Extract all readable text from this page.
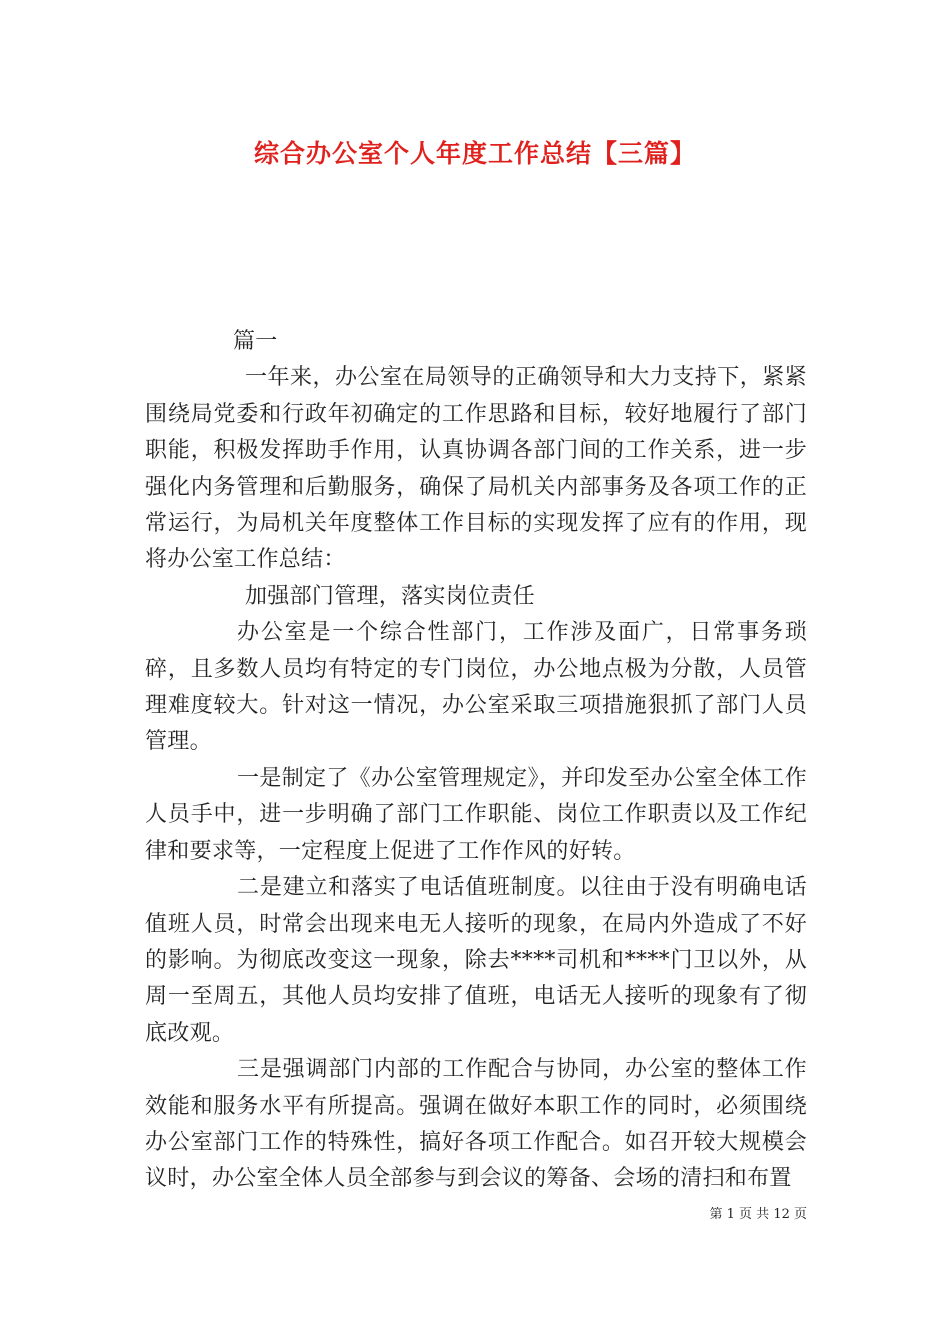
综合办公室个人年度工作总结【三篇】

篇一

一年来，办公室在局领导的正确领导和大力支持下，紧紧围绕局党委和行政年初确定的工作思路和目标，较好地履行了部门职能，积极发挥助手作用，认真协调各部门间的工作关系，进一步强化内务管理和后勤服务，确保了局机关内部事务及各项工作的正常运行，为局机关年度整体工作目标的实现发挥了应有的作用，现将办公室工作总结：

加强部门管理，落实岗位责任

办公室是一个综合性部门，工作涉及面广，日常事务琐碎，且多数人员均有特定的专门岗位，办公地点极为分散，人员管理难度较大。针对这一情况，办公室采取三项措施狠抓了部门人员管理。

一是制定了《办公室管理规定》，并印发至办公室全体工作人员手中，进一步明确了部门工作职能、岗位工作职责以及工作纪律和要求等，一定程度上促进了工作作风的好转。

二是建立和落实了电话值班制度。以往由于没有明确电话值班人员，时常会出现来电无人接听的现象，在局内外造成了不好的影响。为彻底改变这一现象，除去****司机和****门卫以外，从周一至周五，其他人员均安排了值班，电话无人接听的现象有了彻底改观。

三是强调部门内部的工作配合与协同，办公室的整体工作效能和服务水平有所提高。强调在做好本职工作的同时，必须围绕办公室部门工作的特殊性，搞好各项工作配合。如召开较大规模会议时，办公室全体人员全部参与到会议的筹备、会场的清扫和布置

第 1 页 共 12 页
